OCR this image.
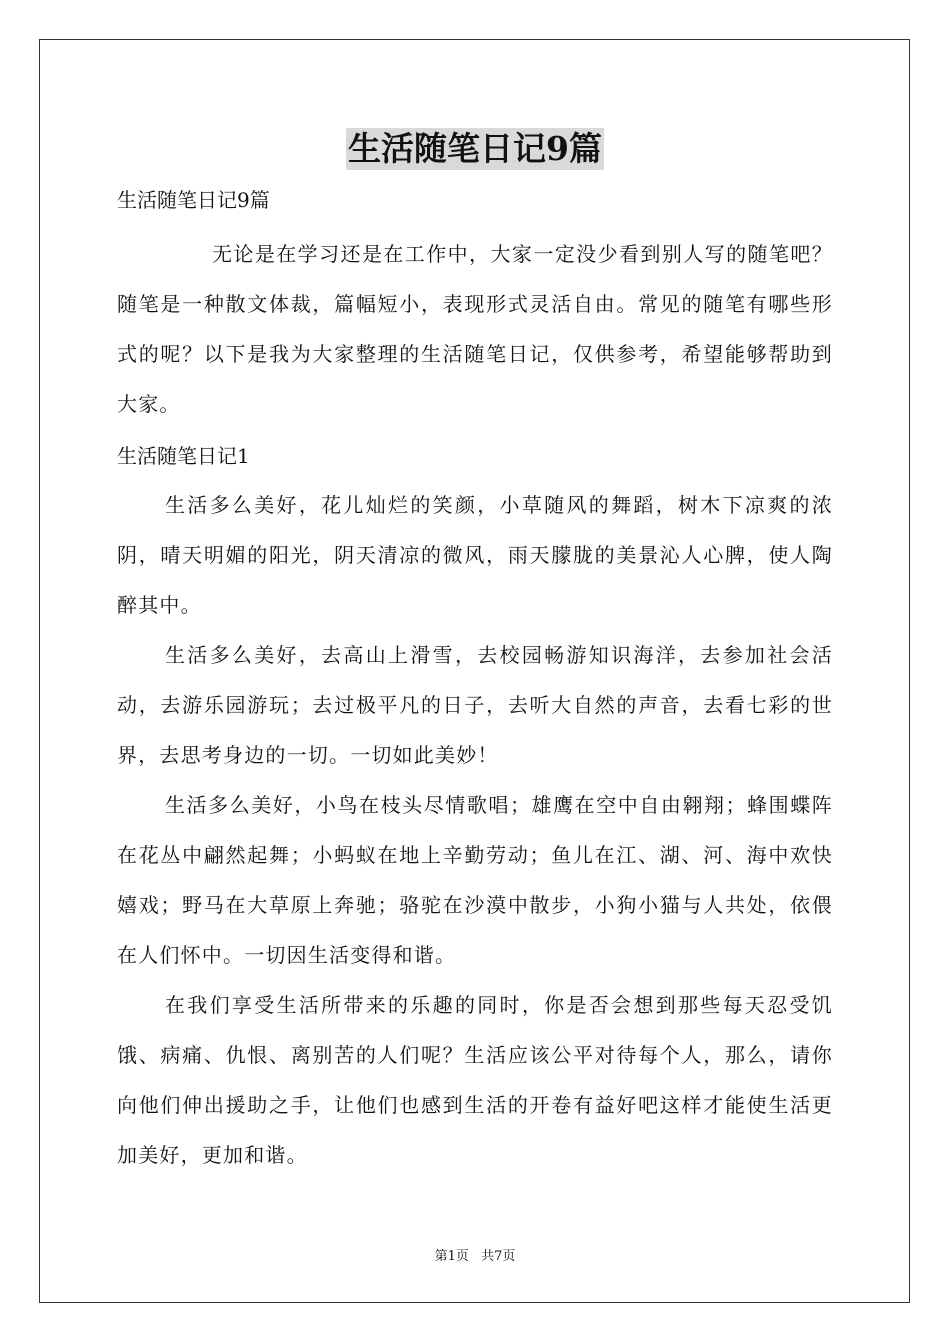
生活随笔日记9篇

生活随笔日记9篇

无论是在学习还是在工作中，大家一定没少看到别人写的随笔吧？随笔是一种散文体裁，篇幅短小，表现形式灵活自由。常见的随笔有哪些形式的呢？以下是我为大家整理的生活随笔日记，仅供参考，希望能够帮助到大家。

生活随笔日记1

生活多么美好，花儿灿烂的笑颜，小草随风的舞蹈，树木下凉爽的浓阴，晴天明媚的阳光，阴天清凉的微风，雨天朦胧的美景沁人心脾，使人陶醉其中。

生活多么美好，去高山上滑雪，去校园畅游知识海洋，去参加社会活动，去游乐园游玩；去过极平凡的日子，去听大自然的声音，去看七彩的世界，去思考身边的一切。一切如此美妙！

生活多么美好，小鸟在枝头尽情歌唱；雄鹰在空中自由翱翔；蜂围蝶阵在花丛中翩然起舞；小蚂蚁在地上辛勤劳动；鱼儿在江、湖、河、海中欢快嬉戏；野马在大草原上奔驰；骆驼在沙漠中散步，小狗小猫与人共处，依偎在人们怀中。一切因生活变得和谐。

在我们享受生活所带来的乐趣的同时，你是否会想到那些每天忍受饥饿、病痛、仇恨、离别苦的人们呢？生活应该公平对待每个人，那么，请你向他们伸出援助之手，让他们也感到生活的开卷有益好吧这样才能使生活更加美好，更加和谐。

第1页 共7页
